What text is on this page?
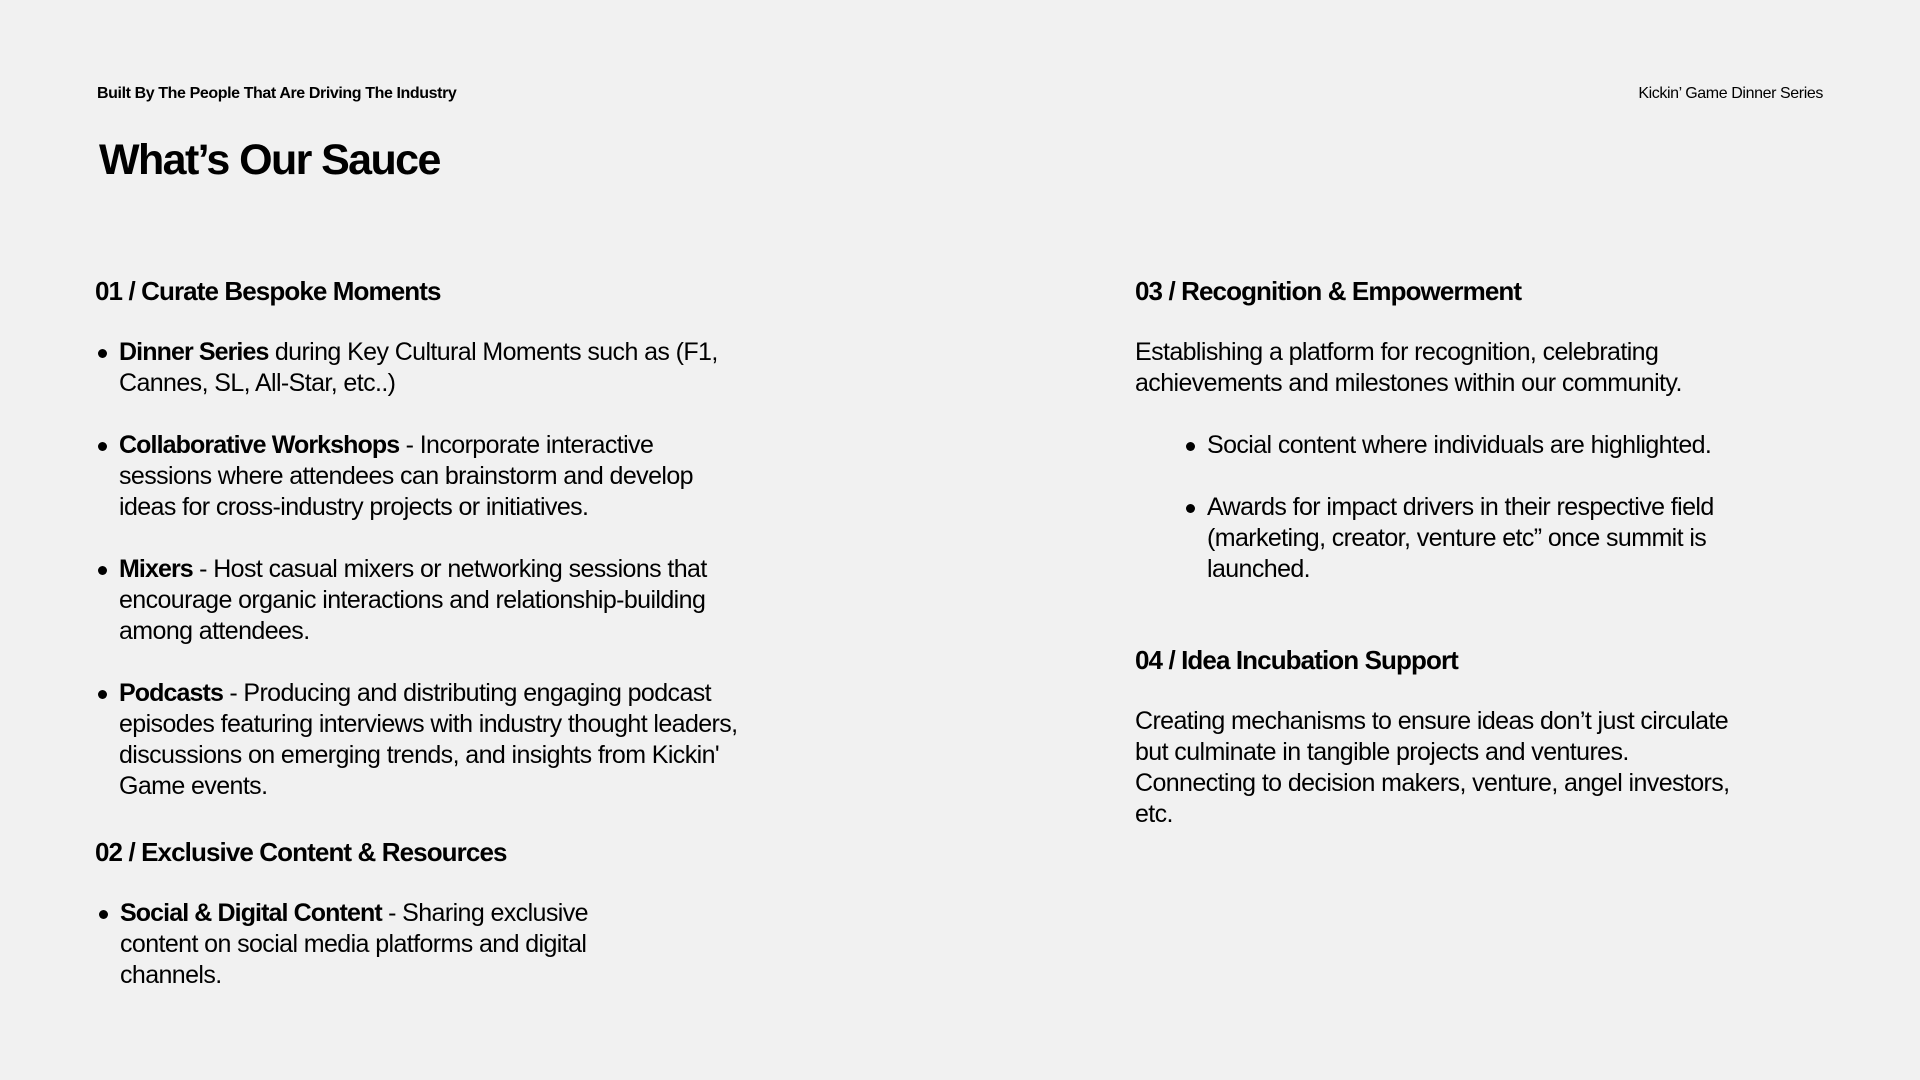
Built By The People That Are Driving The Industry	Kickin’ Game Dinner Series
What’s Our Sauce
01 / Curate Bespoke Moments
Dinner Series during Key Cultural Moments such as (F1, Cannes, SL, All-Star, etc..)
Collaborative Workshops - Incorporate interactive sessions where attendees can brainstorm and develop ideas for cross-industry projects or initiatives.
Mixers - Host casual mixers or networking sessions that encourage organic interactions and relationship-building among attendees.
Podcasts - Producing and distributing engaging podcast episodes featuring interviews with industry thought leaders, discussions on emerging trends, and insights from Kickin' Game events.
02 / Exclusive Content & Resources
Social & Digital Content - Sharing exclusive content on social media platforms and digital channels.
03 / Recognition & Empowerment

Establishing a platform for recognition, celebrating achievements and milestones within our community.

Social content where individuals are highlighted.
Awards for impact drivers in their respective field (marketing, creator, venture etc” once summit is launched.
04 / Idea Incubation Support

Creating mechanisms to ensure ideas don’t just circulate but culminate in tangible projects and ventures. Connecting to decision makers, venture, angel investors, etc.
